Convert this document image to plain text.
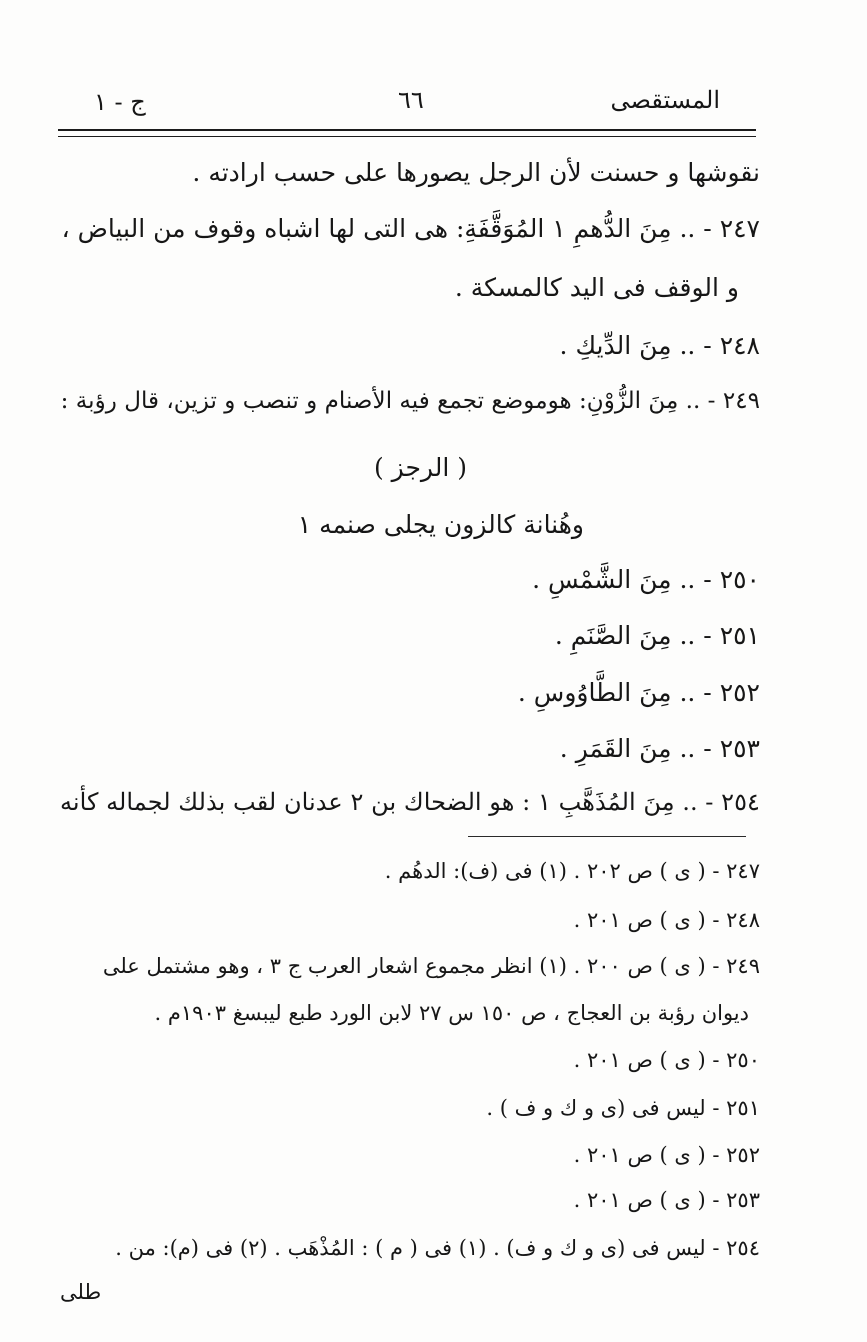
المستقصى
٦٦
ج - ١
نقوشها و حسنت لأن الرجل يصورها على حسب ارادته .
٢٤٧ - .. مِنَ الدُّهمِ ١ المُوَقَّفَةِ: هى التى لها اشباه وقوف من البياض ،
و الوقف فى اليد كالمسكة .
٢٤٨ - .. مِنَ الدِّيكِ .
٢٤٩ - .. مِنَ الزُّوْنِ: هوموضع تجمع فيه الأصنام و تنصب و تزين، قال رؤبة :
( الرجز )
وهُنانة كالزون يجلى صنمه ١
٢٥٠ - .. مِنَ الشَّمْسِ .
٢٥١ - .. مِنَ الصَّنَمِ .
٢٥٢ - .. مِنَ الطَّاوُوسِ .
٢٥٣ - .. مِنَ القَمَرِ .
٢٥٤ - .. مِنَ المُذَهَّبِ ١ : هو الضحاك بن ٢ عدنان لقب بذلك لجماله كأنه
٢٤٧ - ( ى ) ص ٢٠٢ . (١) فى (ف): الدهُم .
٢٤٨ - ( ى ) ص ٢٠١ .
٢٤٩ - ( ى ) ص ٢٠٠ . (١) انظر مجموع اشعار العرب ج ٣ ، وهو مشتمل على
ديوان رؤبة بن العجاج ، ص ١٥٠ س ٢٧ لابن الورد طبع ليبسغ ١٩٠٣م .
٢٥٠ - ( ى ) ص ٢٠١ .
٢٥١ - ليس فى (ى و ك و ف ) .
٢٥٢ - ( ى ) ص ٢٠١ .
٢٥٣ - ( ى ) ص ٢٠١ .
٢٥٤ - ليس فى (ى و ك و ف) . (١) فى ( م ) : المُذْهَب . (٢) فى (م): من .
طلى
